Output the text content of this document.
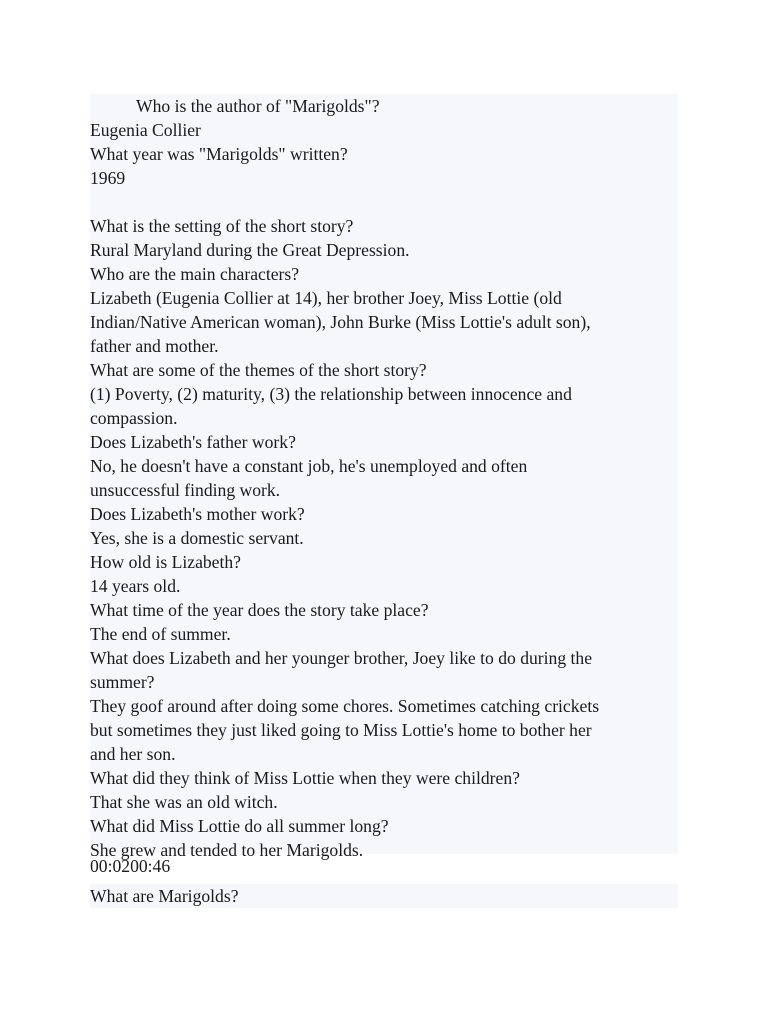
Who is the author of "Marigolds"?

Eugenia Collier

What year was "Marigolds" written?

1969

What is the setting of the short story?

Rural Maryland during the Great Depression.

Who are the main characters?

Lizabeth (Eugenia Collier at 14), her brother Joey, Miss Lottie (old

Indian/Native American woman), John Burke (Miss Lottie's adult son),

father and mother.

What are some of the themes of the short story?

(1) Poverty, (2) maturity, (3) the relationship between innocence and

compassion.

Does Lizabeth's father work?

No, he doesn't have a constant job, he's unemployed and often

unsuccessful finding work.

Does Lizabeth's mother work?

Yes, she is a domestic servant.

How old is Lizabeth?

14 years old.

What time of the year does the story take place?

The end of summer.

What does Lizabeth and her younger brother, Joey like to do during the

summer?

They goof around after doing some chores. Sometimes catching crickets

but sometimes they just liked going to Miss Lottie's home to bother her

and her son.

What did they think of Miss Lottie when they were children?

That she was an old witch.

What did Miss Lottie do all summer long?

She grew and tended to her Marigolds.

00:0200:46

What are Marigolds?
